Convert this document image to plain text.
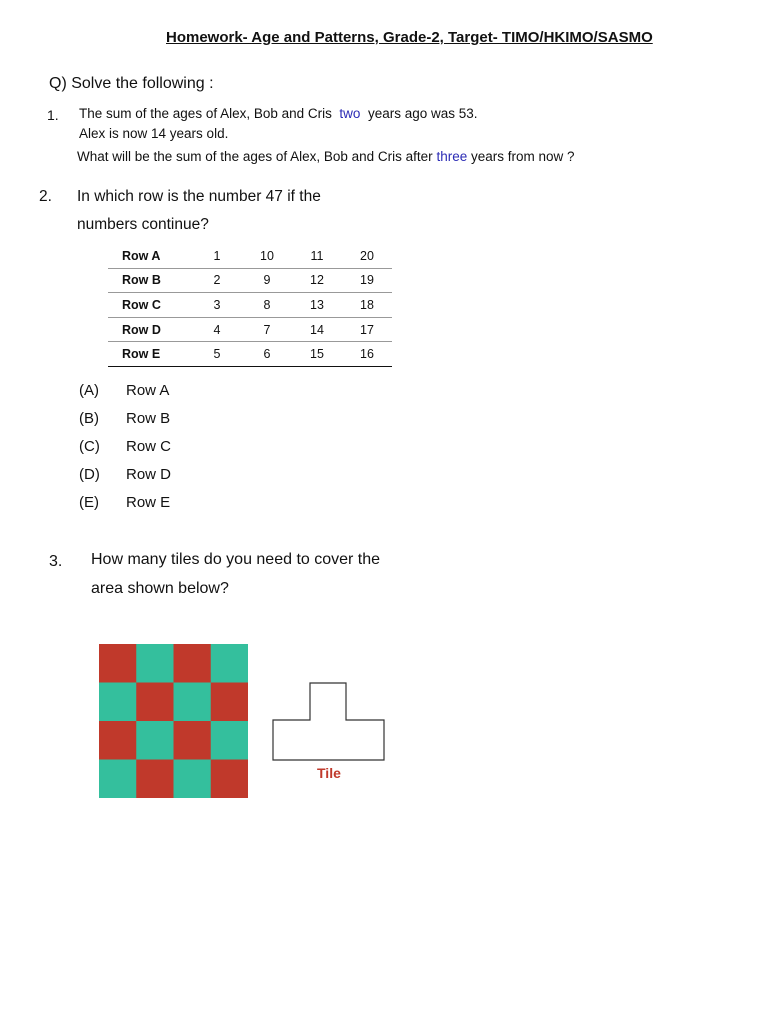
Homework- Age and Patterns, Grade-2, Target- TIMO/HKIMO/SASMO
Q) Solve the following :
1. The sum of the ages of Alex, Bob and Cris two years ago was 53.
Alex is now 14 years old.
What will be the sum of the ages of Alex, Bob and Cris after three years from now ?
2. In which row is the number 47 if the
numbers continue?
Row A	1	10	11	20
Row B	2	9	12	19
Row C	3	8	13	18
Row D	4	7	14	17
Row E	5	6	15	16
(A) Row A
(B) Row B
(C) Row C
(D) Row D
(E) Row E
3. How many tiles do you need to cover the
area shown below?
Tile
